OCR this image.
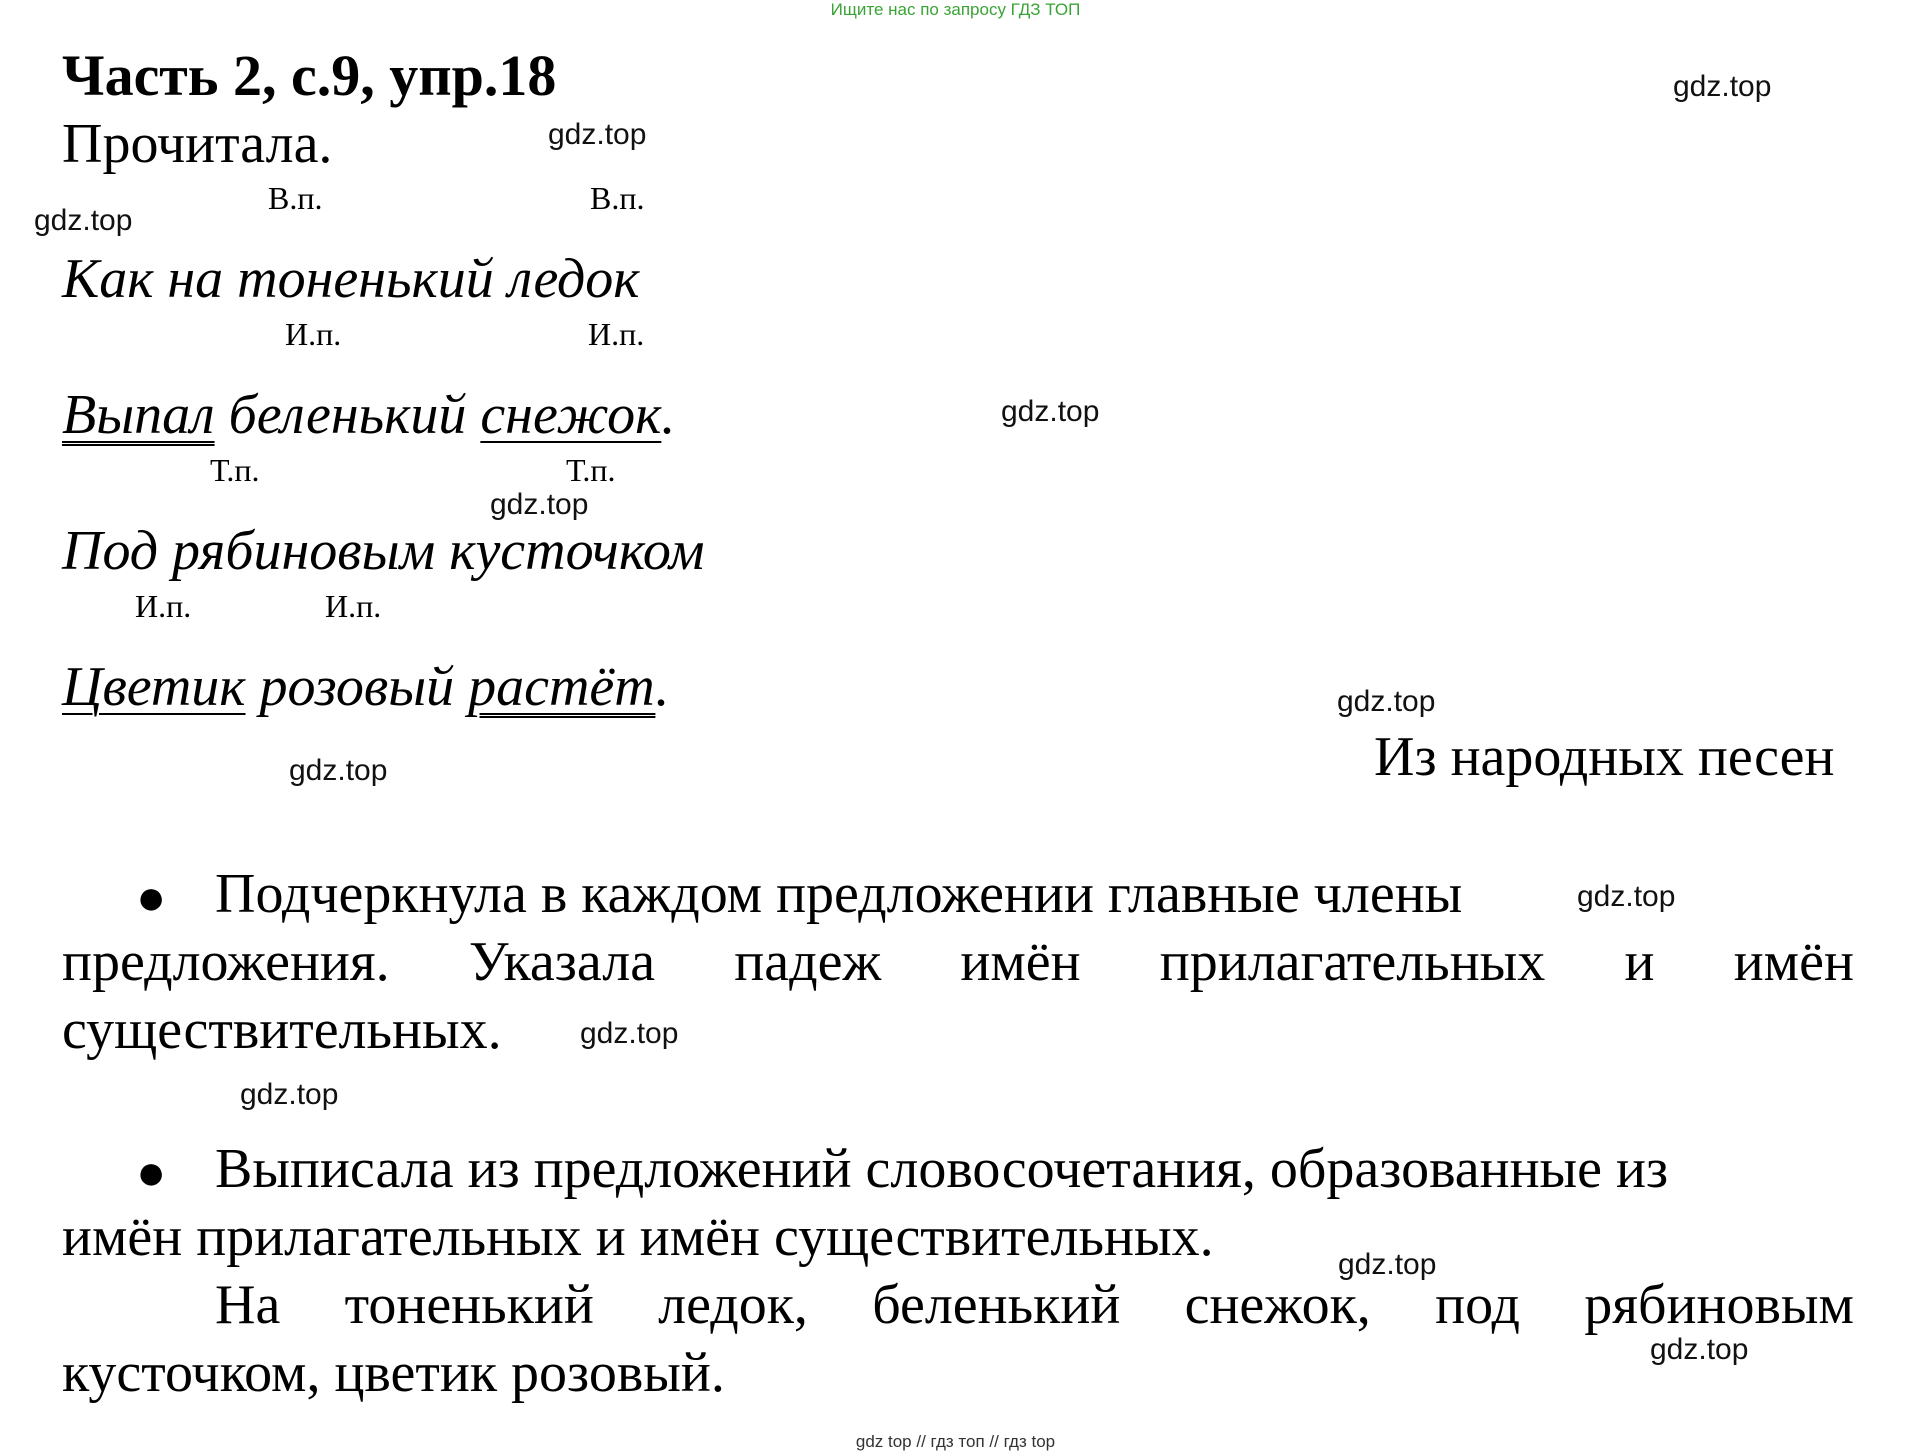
Ищите нас по запросу ГДЗ ТОП
Часть 2, с.9, упр.18
Прочитала.
В.п.	В.п.
Как на тоненький ледок
И.п.	И.п.
Выпал беленький снежок.
Т.п.	Т.п.
Под рябиновым кусточком
И.п.	И.п.
Цветик розовый растёт.
Из народных песен
● Подчеркнула в каждом предложении главные члены
предложения. Указала падеж имён прилагательных и имён
существительных.
● Выписала из предложений словосочетания, образованные из
имён прилагательных и имён существительных.
На тоненький ледок, беленький снежок, под рябиновым
кусточком, цветик розовый.
gdz.top
gdz.top
gdz.top
gdz.top
gdz.top
gdz.top
gdz.top
gdz.top
gdz.top
gdz.top
gdz.top
gdz.top
gdz top // гдз топ // гдз top
